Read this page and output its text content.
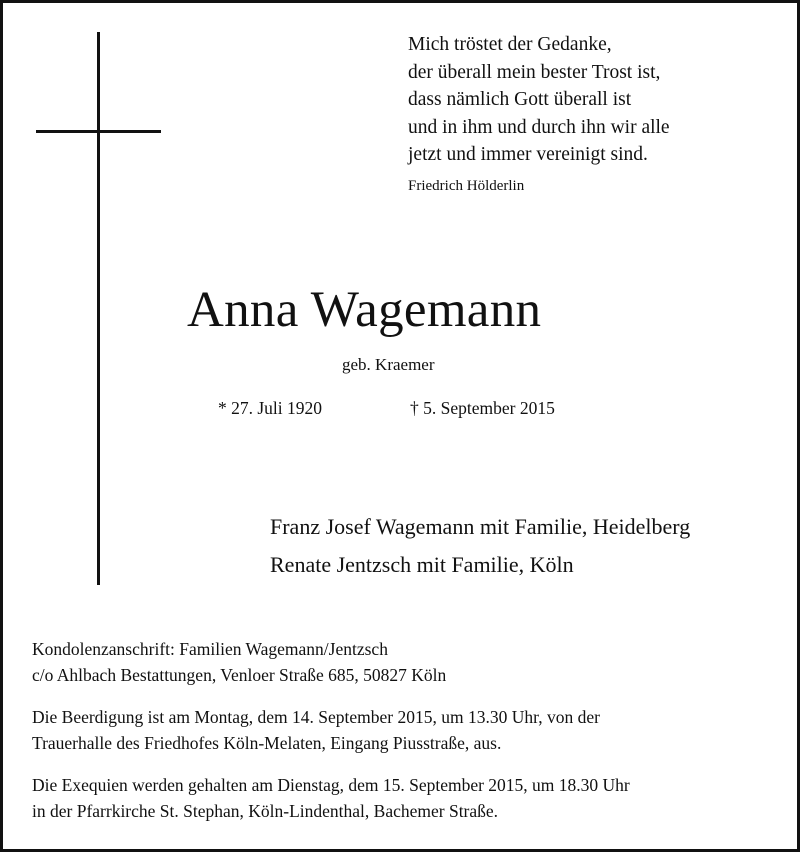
Mich tröstet der Gedanke,
der überall mein bester Trost ist,
dass nämlich Gott überall ist
und in ihm und durch ihn wir alle
jetzt und immer vereinigt sind.
Friedrich Hölderlin
Anna Wagemann
geb. Kraemer
* 27. Juli 1920	† 5. September 2015
Franz Josef Wagemann mit Familie, Heidelberg
Renate Jentzsch mit Familie, Köln
Kondolenzanschrift: Familien Wagemann/Jentzsch
c/o Ahlbach Bestattungen, Venloer Straße 685, 50827 Köln
Die Beerdigung ist am Montag, dem 14. September 2015, um 13.30 Uhr, von der
Trauerhalle des Friedhofes Köln-Melaten, Eingang Piusstraße, aus.
Die Exequien werden gehalten am Dienstag, dem 15. September 2015, um 18.30 Uhr
in der Pfarrkirche St. Stephan, Köln-Lindenthal, Bachemer Straße.
